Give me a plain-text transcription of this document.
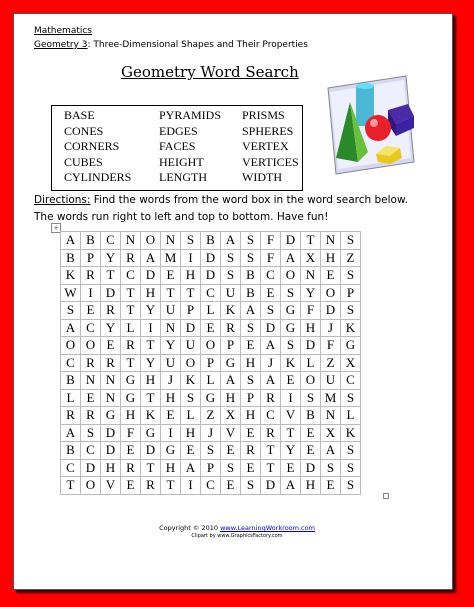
Mathematics
Geometry 3: Three-Dimensional Shapes and Their Properties
Geometry Word Search
BASE
CONES
CORNERS
CUBES
CYLINDERS
PYRAMIDS
EDGES
FACES
HEIGHT
LENGTH
PRISMS
SPHERES
VERTEX
VERTICES
WIDTH
Directions: Find the words from the word box in the word search below.
The words run right to left and top to bottom. Have fun!
+
A	B	C	N	O	N	S	B	A	S	F	D	T	N	S
B	P	Y	R	A	M	I	D	S	S	F	A	X	H	Z
K	R	T	C	D	E	H	D	S	B	C	O	N	E	S
W	I	D	T	H	T	T	C	U	B	E	S	Y	O	P
S	E	R	T	Y	U	P	L	K	A	S	G	F	D	S
A	C	Y	L	I	N	D	E	R	S	D	G	H	J	K
O	O	E	R	T	Y	U	O	P	E	A	S	D	F	G
C	R	R	T	Y	U	O	P	G	H	J	K	L	Z	X
B	N	N	G	H	J	K	L	A	S	A	E	O	U	C
L	E	N	G	T	H	S	G	H	P	R	I	S	M	S
R	R	G	H	K	E	L	Z	X	H	C	V	B	N	L
A	S	D	F	G	I	H	J	V	E	R	T	E	X	K
B	C	D	E	D	G	E	S	E	R	T	Y	E	A	S
C	D	H	R	T	H	A	P	S	E	T	E	D	S	S
T	O	V	E	R	T	I	C	E	S	D	A	H	E	S
Copyright © 2010 www.LearningWorkroom.com
Clipart by www.GraphicsFactory.com
